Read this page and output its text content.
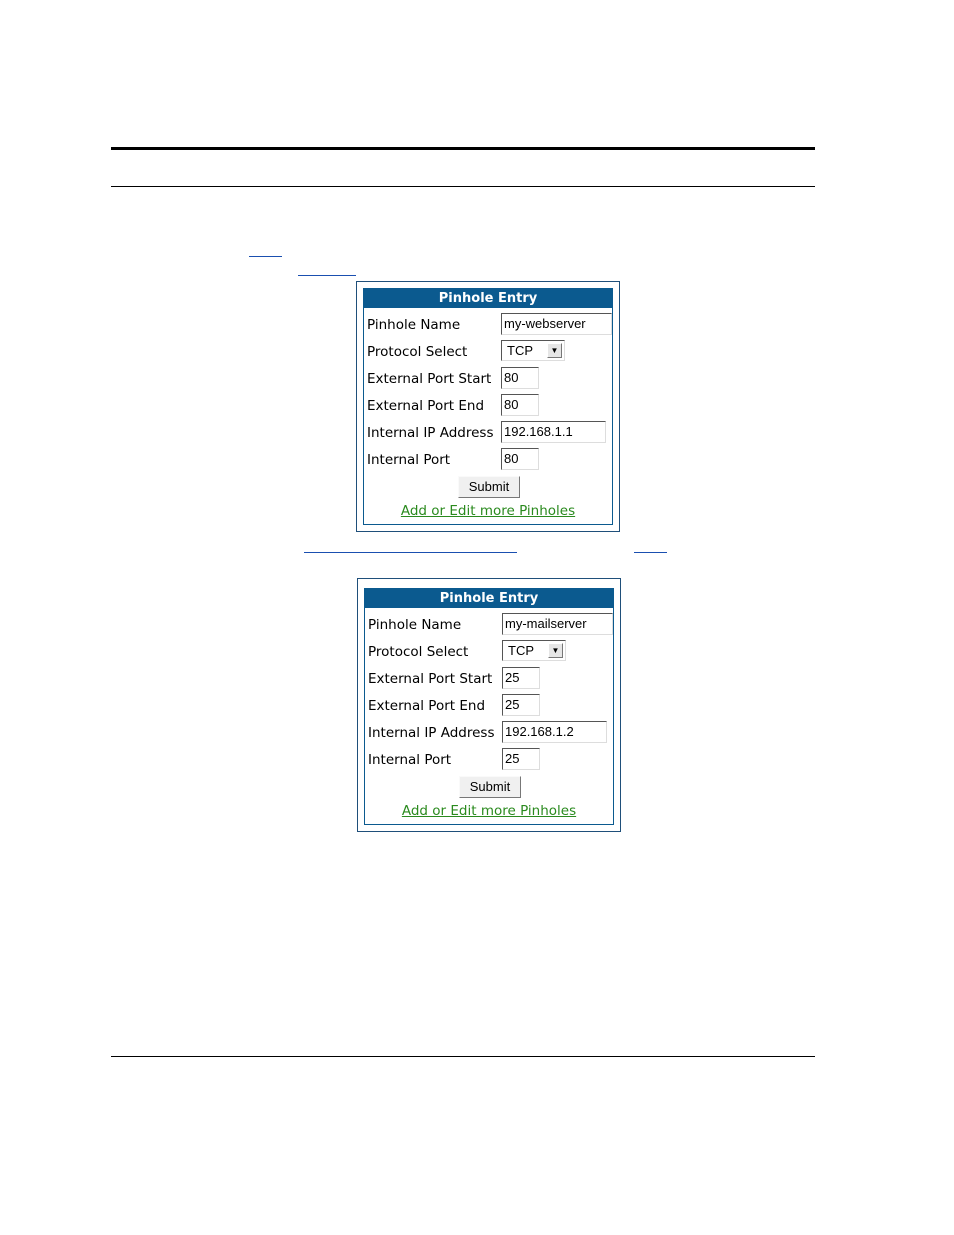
Pinhole Entry
Pinhole Name	my-webserver
Protocol Select	TCP	▼
External Port Start 80
External Port End 80
Internal IP Address 192.168.1.1
Internal Port	80
Submit
Add or Edit more Pinholes
Pinhole Entry
Pinhole Name	my-mailserver
Protocol Select	TCP	▼
External Port Start 25
External Port End 25
Internal IP Address 192.168.1.2
Internal Port	25
Submit
Add or Edit more Pinholes
